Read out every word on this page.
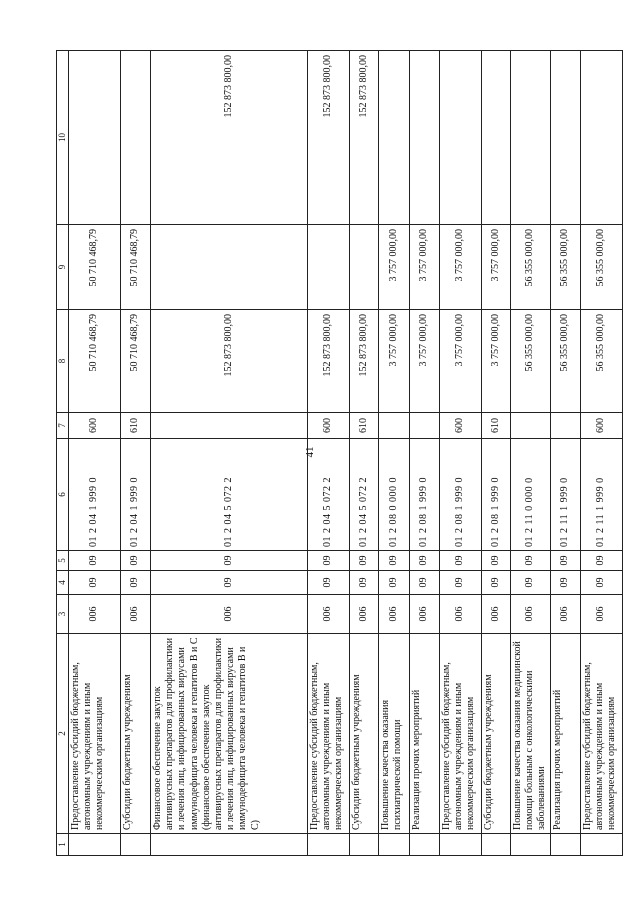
41
1	2	3	4	5	6	7	8	9	10
	Предоставление субсидий бюджетным, автономным учреждениям и иным некоммерческим организациям	006	09	09	01 2 04 1 999 0	600	50 710 468,79	50 710 468,79	
	Субсидии бюджетным учреждениям	006	09	09	01 2 04 1 999 0	610	50 710 468,79	50 710 468,79	
	Финансовое обеспечение закупок антивирусных препаратов для профилактики и лечения лиц, инфицированных вирусами иммунодефицита человека и гепатитов B и C (финансовое обеспечение закупок антивирусных препаратов для профилактики и лечения лиц, инфицированных вирусами иммунодефицита человека и гепатитов В и С)	006	09	09	01 2 04 5 072 2		152 873 800,00		152 873 800,00
	Предоставление субсидий бюджетным, автономным учреждениям и иным некоммерческим организациям	006	09	09	01 2 04 5 072 2	600	152 873 800,00		152 873 800,00
	Субсидии бюджетным учреждениям	006	09	09	01 2 04 5 072 2	610	152 873 800,00		152 873 800,00
	Повышение качества оказания психиатрической помощи	006	09	09	01 2 08 0 000 0		3 757 000,00	3 757 000,00	
	Реализация прочих мероприятий	006	09	09	01 2 08 1 999 0		3 757 000,00	3 757 000,00	
	Предоставление субсидий бюджетным, автономным учреждениям и иным некоммерческим организациям	006	09	09	01 2 08 1 999 0	600	3 757 000,00	3 757 000,00	
	Субсидии бюджетным учреждениям	006	09	09	01 2 08 1 999 0	610	3 757 000,00	3 757 000,00	
	Повышение качества оказания медицинской помощи больным с онкологическими заболеваниями	006	09	09	01 2 11 0 000 0		56 355 000,00	56 355 000,00	
	Реализация прочих мероприятий	006	09	09	01 2 11 1 999 0		56 355 000,00	56 355 000,00	
	Предоставление субсидий бюджетным, автономным учреждениям и иным некоммерческим организациям	006	09	09	01 2 11 1 999 0	600	56 355 000,00	56 355 000,00	
